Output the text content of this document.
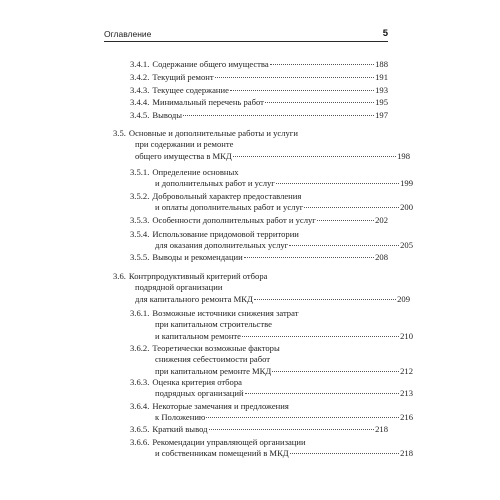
Оглавление	5
3.4.1. Содержание общего имущества	188
3.4.2. Текущий ремонт	191
3.4.3. Текущее содержание	193
3.4.4. Минимальный перечень работ	195
3.4.5. Выводы	197
3.5. Основные и дополнительные работы и услуги
при содержании и ремонте
общего имущества в МКД	198
3.5.1. Определение основных
и дополнительных работ и услуг	199
3.5.2. Добровольный характер предоставления
и оплаты дополнительных работ и услуг	200
3.5.3. Особенности дополнительных работ и услуг	202
3.5.4. Использование придомовой территории
для оказания дополнительных услуг	205
3.5.5. Выводы и рекомендации	208
3.6. Контрпродуктивный критерий отбора
подрядной организации
для капитального ремонта МКД	209
3.6.1. Возможные источники снижения затрат
при капитальном строительстве
и капитальном ремонте	210
3.6.2. Теоретически возможные факторы
снижения себестоимости работ
при капитальном ремонте МКД	212
3.6.3. Оценка критерия отбора
подрядных организаций	213
3.6.4. Некоторые замечания и предложения
к Положению	216
3.6.5. Краткий вывод	218
3.6.6. Рекомендации управляющей организации
и собственникам помещений в МКД	218
